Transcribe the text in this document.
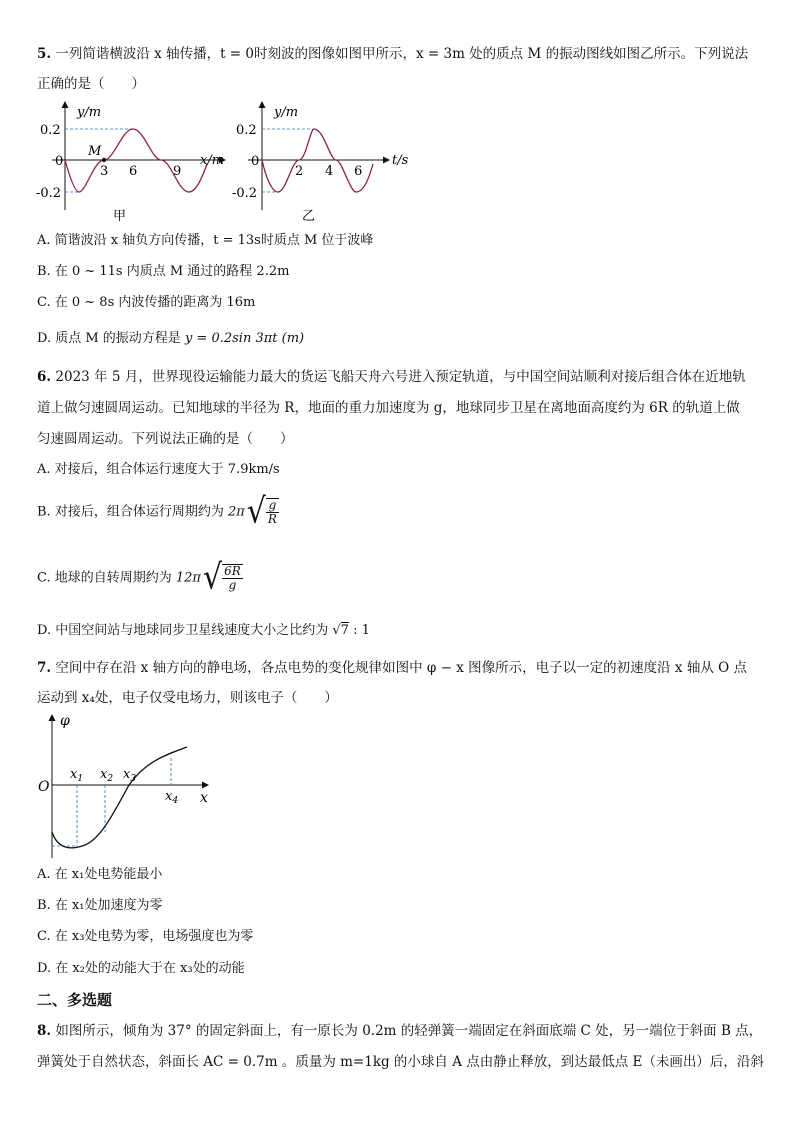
5. 一列简谐横波沿 x 轴传播，t = 0时刻波的图像如图甲所示，x = 3m 处的质点 M 的振动图线如图乙所示。下列说法
正确的是（　　）
y/m
x/m
0
0.2
-0.2
M
3 6	9
甲
y/m
t/s
0
0.2
-0.2
2 4 6
乙
A. 简谐波沿 x 轴负方向传播，t = 13s时质点 M 位于波峰
B. 在 0 ~ 11s 内质点 M 通过的路程 2.2m
C. 在 0 ~ 8s 内波传播的距离为 16m
D. 质点 M 的振动方程是 y = 0.2sin 3πt (m)
6. 2023 年 5 月，世界现役运输能力最大的货运飞船天舟六号进入预定轨道，与中国空间站顺利对接后组合体在近地轨
道上做匀速圆周运动。已知地球的半径为 R，地面的重力加速度为 g，地球同步卫星在离地面高度约为 6R 的轨道上做
匀速圆周运动。下列说法正确的是（　　）
A. 对接后，组合体运行速度大于 7.9km/s
B. 对接后，组合体运行周期约为 $2\pi√ \frac{g}{R}$
C. 地球的自转周期约为 $12\pi√ \frac{6R}{g}$
D. 中国空间站与地球同步卫星线速度大小之比约为 √7 : 1
7. 空间中存在沿 x 轴方向的静电场，各点电势的变化规律如图中 φ − x 图像所示，电子以一定的初速度沿 x 轴从 O 点
运动到 x₄处，电子仅受电场力，则该电子（　　）
φ
O
x
$x_1$ $x_2$ $x_3$
$x_4$
A. 在 x₁处电势能最小
B. 在 x₁处加速度为零
C. 在 x₃处电势为零，电场强度也为零
D. 在 x₂处的动能大于在 x₃处的动能
二、多选题
8. 如图所示，倾角为 37° 的固定斜面上，有一原长为 0.2m 的轻弹簧一端固定在斜面底端 C 处，另一端位于斜面 B 点，
弹簧处于自然状态，斜面长 AC = 0.7m 。质量为 m=1kg 的小球自 A 点由静止释放，到达最低点 E（未画出）后，沿斜
